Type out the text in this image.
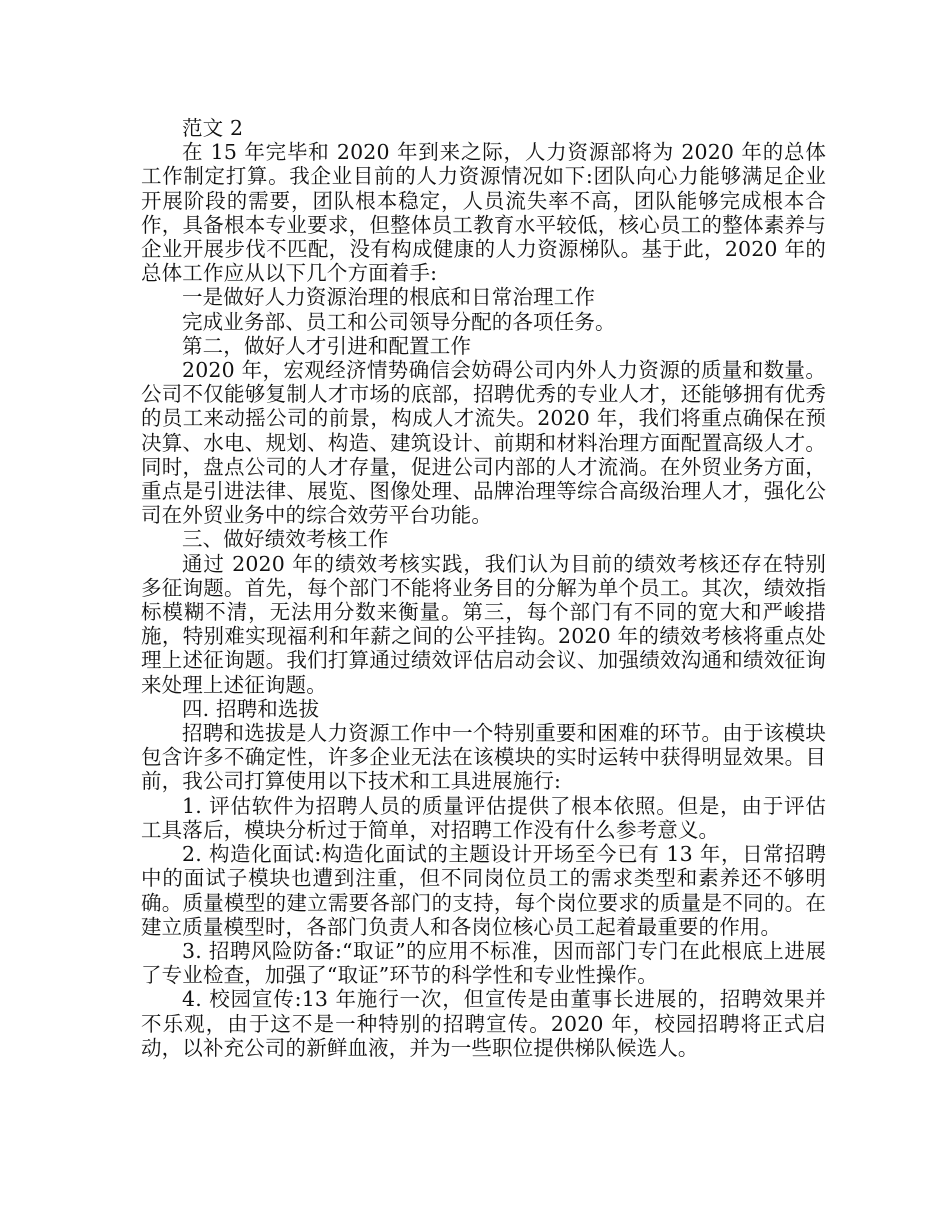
范文 2

在 15 年完毕和 2020 年到来之际，人力资源部将为 2020 年的总体工作制定打算。我企业目前的人力资源情况如下:团队向心力能够满足企业开展阶段的需要，团队根本稳定，人员流失率不高，团队能够完成根本合作，具备根本专业要求，但整体员工教育水平较低，核心员工的整体素养与企业开展步伐不匹配，没有构成健康的人力资源梯队。基于此，2020 年的总体工作应从以下几个方面着手:

一是做好人力资源治理的根底和日常治理工作

完成业务部、员工和公司领导分配的各项任务。

第二，做好人才引进和配置工作

2020 年，宏观经济情势确信会妨碍公司内外人力资源的质量和数量。公司不仅能够复制人才市场的底部，招聘优秀的专业人才，还能够拥有优秀的员工来动摇公司的前景，构成人才流失。2020 年，我们将重点确保在预决算、水电、规划、构造、建筑设计、前期和材料治理方面配置高级人才。同时，盘点公司的人才存量，促进公司内部的人才流淌。在外贸业务方面，重点是引进法律、展览、图像处理、品牌治理等综合高级治理人才，强化公司在外贸业务中的综合效劳平台功能。

三、做好绩效考核工作

通过 2020 年的绩效考核实践，我们认为目前的绩效考核还存在特别多征询题。首先，每个部门不能将业务目的分解为单个员工。其次，绩效指标模糊不清，无法用分数来衡量。第三，每个部门有不同的宽大和严峻措施，特别难实现福利和年薪之间的公平挂钩。2020 年的绩效考核将重点处理上述征询题。我们打算通过绩效评估启动会议、加强绩效沟通和绩效征询来处理上述征询题。

四. 招聘和选拔

招聘和选拔是人力资源工作中一个特别重要和困难的环节。由于该模块包含许多不确定性，许多企业无法在该模块的实时运转中获得明显效果。目前，我公司打算使用以下技术和工具进展施行:

1. 评估软件为招聘人员的质量评估提供了根本依照。但是，由于评估工具落后，模块分析过于简单，对招聘工作没有什么参考意义。

2. 构造化面试:构造化面试的主题设计开场至今已有 13 年，日常招聘中的面试子模块也遭到注重，但不同岗位员工的需求类型和素养还不够明确。质量模型的建立需要各部门的支持，每个岗位要求的质量是不同的。在建立质量模型时，各部门负责人和各岗位核心员工起着最重要的作用。

3. 招聘风险防备:“取证”的应用不标准，因而部门专门在此根底上进展了专业检查，加强了“取证”环节的科学性和专业性操作。

4. 校园宣传:13 年施行一次，但宣传是由董事长进展的，招聘效果并不乐观，由于这不是一种特别的招聘宣传。2020 年，校园招聘将正式启动，以补充公司的新鲜血液，并为一些职位提供梯队候选人。
